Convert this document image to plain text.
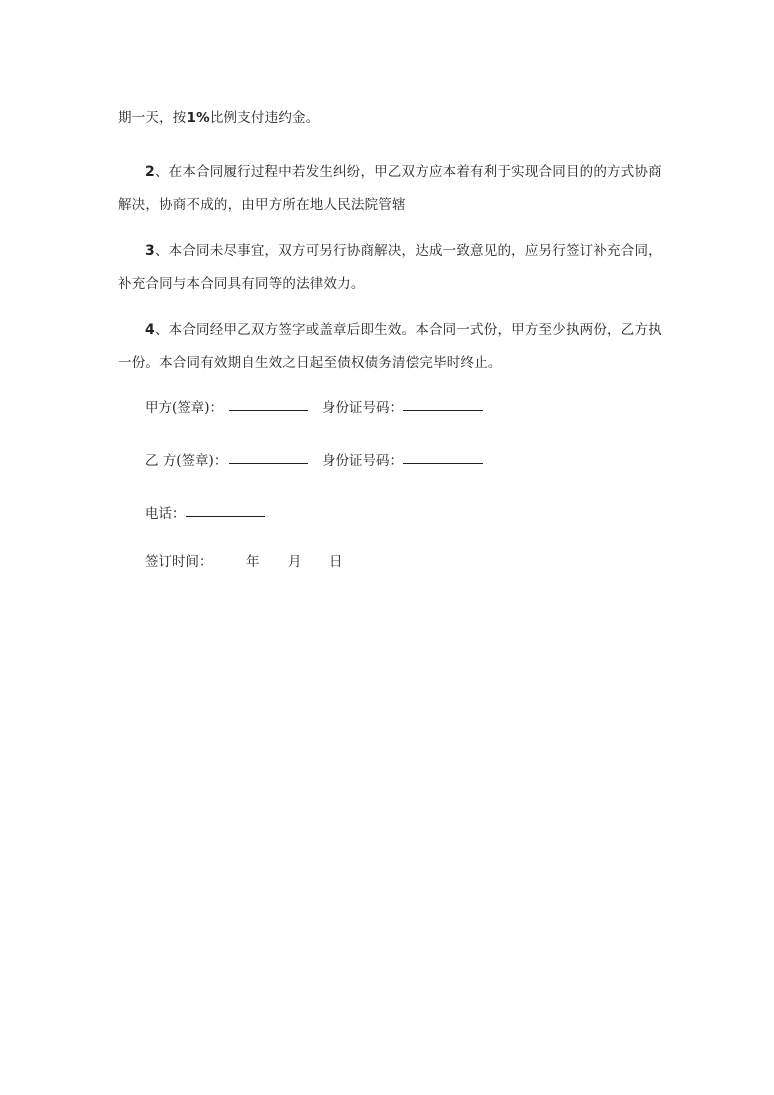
期一天，按1%比例支付违约金。
2、在本合同履行过程中若发生纠纷，甲乙双方应本着有利于实现合同目的的方式协商
解决，协商不成的，由甲方所在地人民法院管辖
3、本合同未尽事宜，双方可另行协商解决，达成一致意见的，应另行签订补充合同，
补充合同与本合同具有同等的法律效力。
4、本合同经甲乙双方签字或盖章后即生效。本合同一式份，甲方至少执两份，乙方执
一份。本合同有效期自生效之日起至债权债务清偿完毕时终止。
甲方(签章)：	身份证号码：
乙 方(签章)：	身份证号码：
电话：
签订时间： 年 月 日
